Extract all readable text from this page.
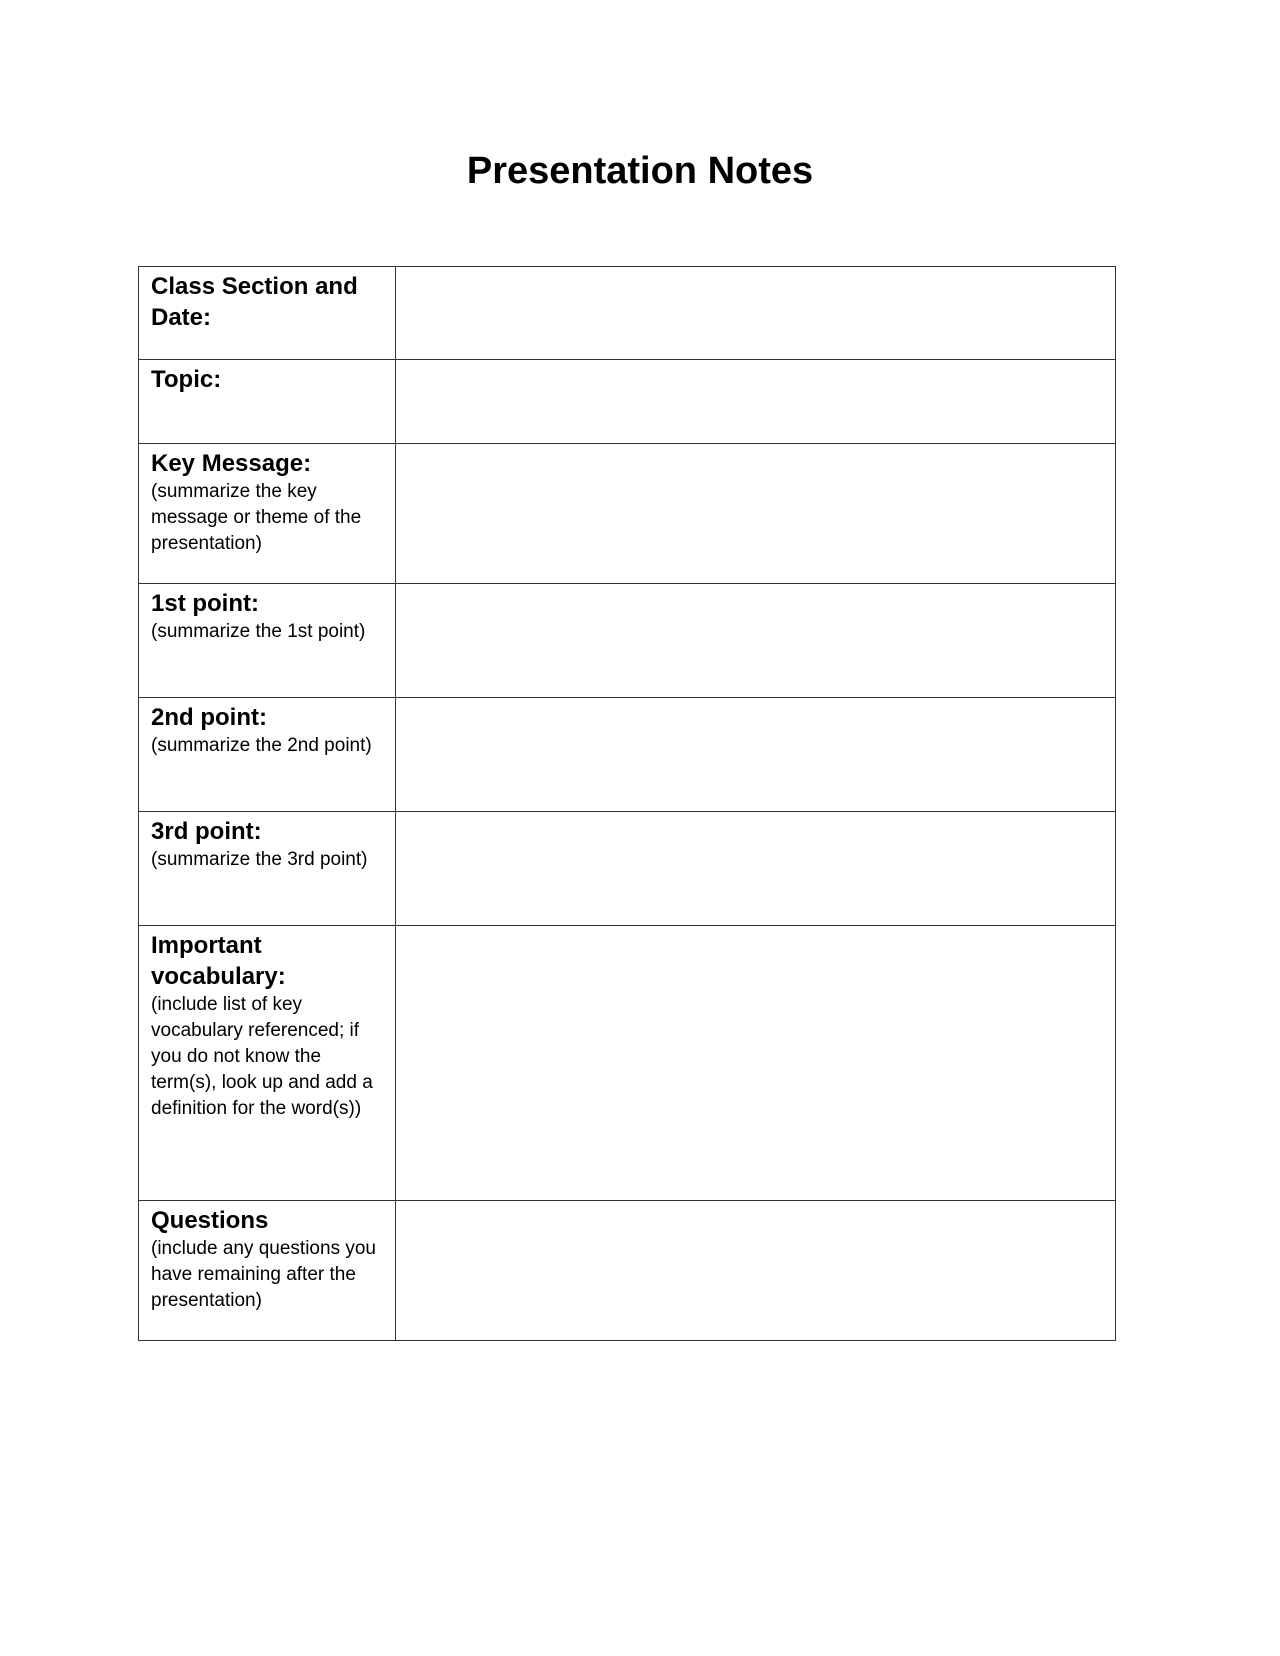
Presentation Notes
Class Section and Date:	

Topic:	

Key Message:
(summarize the key message or theme of the presentation)	

1st point:
(summarize the 1st point)	

2nd point:
(summarize the 2nd point)	

3rd point:
(summarize the 3rd point)	

Important vocabulary:
(include list of key vocabulary referenced; if you do not know the term(s), look up and add a definition for the word(s))	

Questions
(include any questions you have remaining after the presentation)	
